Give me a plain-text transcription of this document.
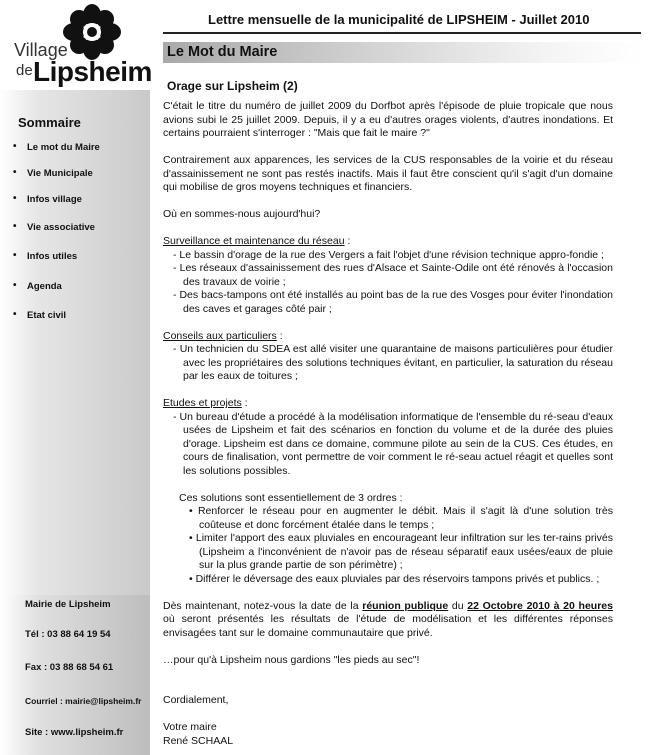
Village
de Lipsheim
Lettre mensuelle de la municipalité de LIPSHEIM - Juillet 2010
Sommaire
• Le mot du Maire
• Vie Municipale
• Infos village
• Vie associative
• Infos utiles
• Agenda
• Etat civil
Mairie de Lipsheim
Tél : 03 88 64 19 54
Fax : 03 88 68 54 61
Courriel : mairie@lipsheim.fr
Site : www.lipsheim.fr
Le Mot du Maire
Orage sur Lipsheim (2)

C'était le titre du numéro de juillet 2009 du Dorfbot après l'épisode de pluie tropicale que nous avions subi le 25 juillet 2009. Depuis, il y a eu d'autres orages violents, d'autres inondations. Et certains pourraient s'interroger : "Mais que fait le maire ?"

Contrairement aux apparences, les services de la CUS responsables de la voirie et du réseau d'assainissement ne sont pas restés inactifs. Mais il faut être conscient qu'il s'agit d'un domaine qui mobilise de gros moyens techniques et financiers.

Où en sommes-nous aujourd'hui?

Surveillance et maintenance du réseau :

- Le bassin d'orage de la rue des Vergers a fait l'objet d'une révision technique appro-fondie ;

- Les réseaux d'assainissement des rues d'Alsace et Sainte-Odile ont été rénovés à l'occasion des travaux de voirie ;

- Des bacs-tampons ont été installés au point bas de la rue des Vosges pour éviter l'inondation des caves et garages côté pair ;

Conseils aux particuliers :

- Un technicien du SDEA est allé visiter une quarantaine de maisons particulières pour étudier avec les propriétaires des solutions techniques évitant, en particulier, la saturation du réseau par les eaux de toitures ;

Etudes et projets :

- Un bureau d'étude a procédé à la modélisation informatique de l'ensemble du ré-seau d'eaux usées de Lipsheim et fait des scénarios en fonction du volume et de la durée des pluies d'orage. Lipsheim est dans ce domaine, commune pilote au sein de la CUS. Ces études, en cours de finalisation, vont permettre de voir comment le ré-seau actuel réagit et quelles sont les solutions possibles.

Ces solutions sont essentiellement de 3 ordres :

• Renforcer le réseau pour en augmenter le débit. Mais il s'agit là d'une solution très coûteuse et donc forcément étalée dans le temps ;

• Limiter l'apport des eaux pluviales en encourageant leur infiltration sur les ter-rains privés (Lipsheim a l'inconvénient de n'avoir pas de réseau séparatif eaux usées/eaux de pluie sur la plus grande partie de son périmètre) ;

• Différer le déversage des eaux pluviales par des réservoirs tampons privés et publics. ;

Dès maintenant, notez-vous la date de la réunion publique du 22 Octobre 2010 à 20 heures où seront présentés les résultats de l'étude de modélisation et les différentes réponses envisagées tant sur le domaine communautaire que privé.

…pour qu'à Lipsheim nous gardions "les pieds au sec"!

Cordialement,

Votre maire

René SCHAAL
